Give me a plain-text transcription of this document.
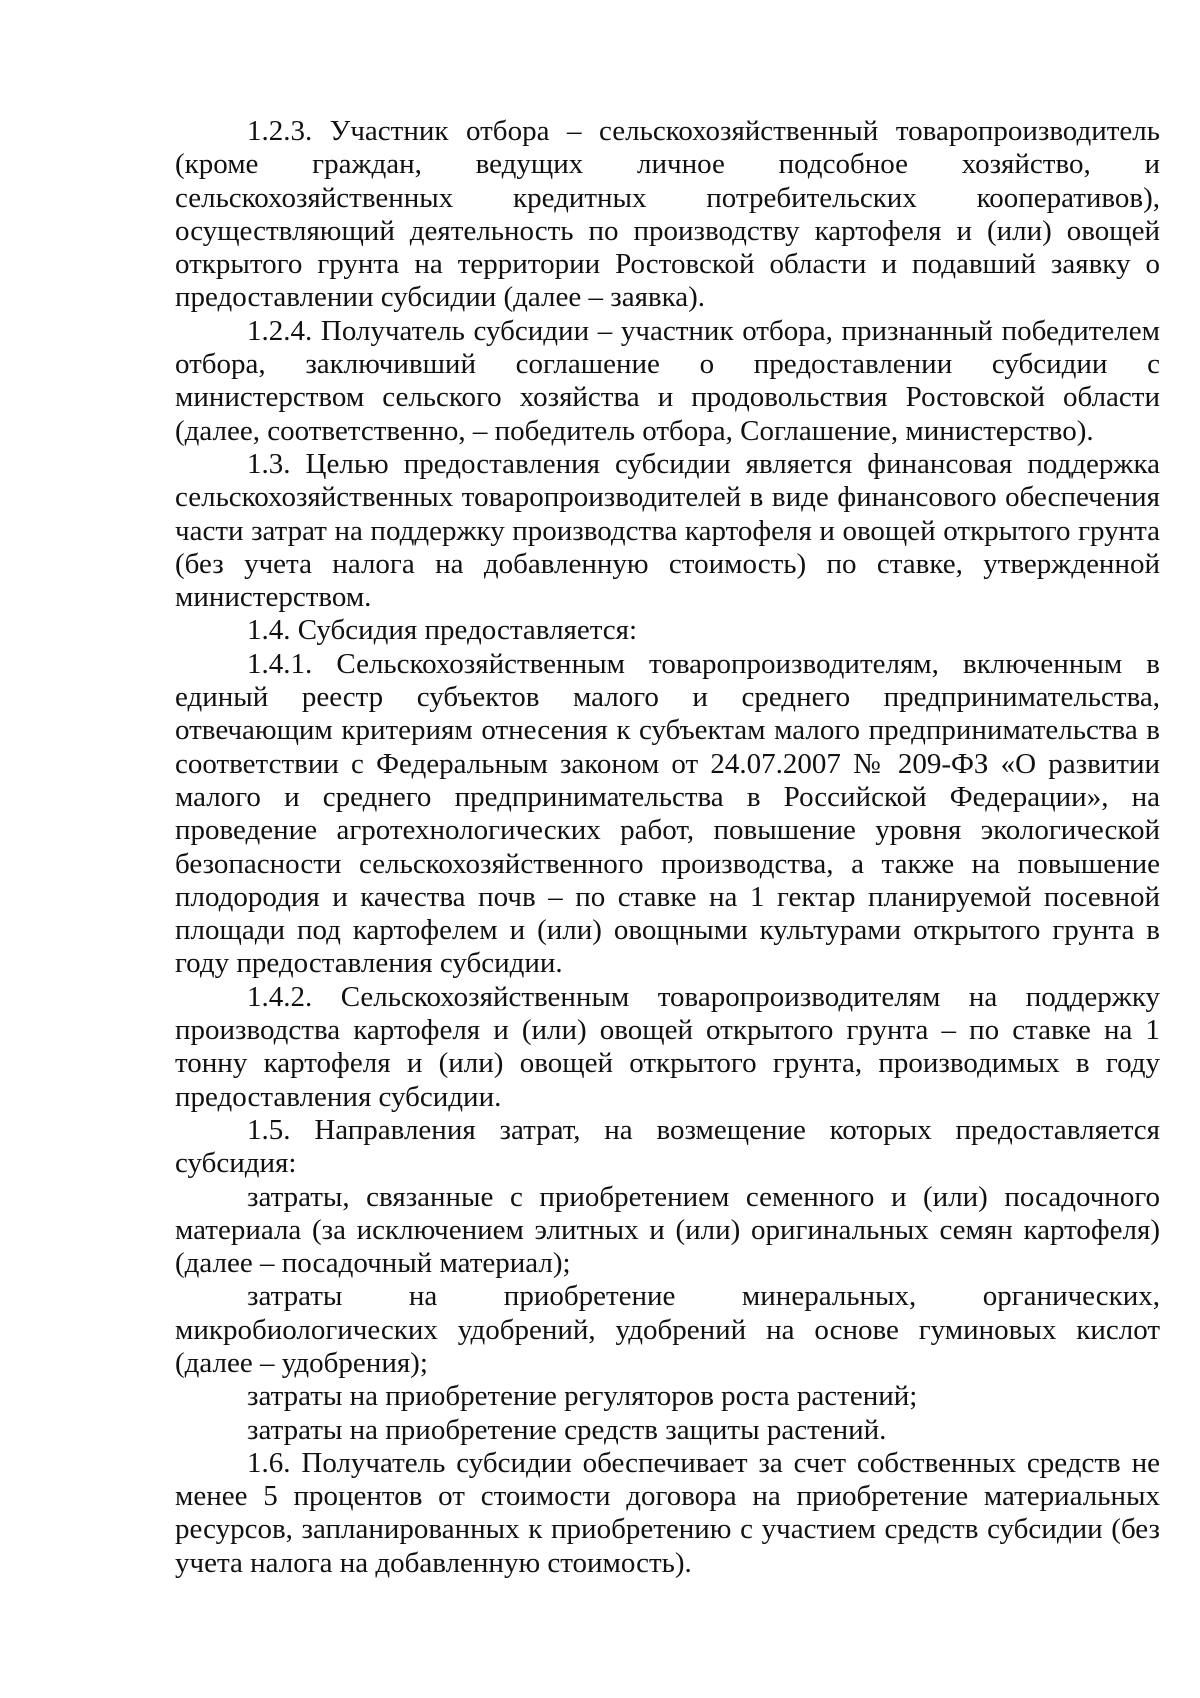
1.2.3. Участник отбора – сельскохозяйственный товаропроизводитель (кроме граждан, ведущих личное подсобное хозяйство, и сельскохозяйственных кредитных потребительских кооперативов), осуществляющий деятельность по производству картофеля и (или) овощей открытого грунта на территории Ростовской области и подавший заявку о предоставлении субсидии (далее – заявка).

1.2.4. Получатель субсидии – участник отбора, признанный победителем отбора, заключивший соглашение о предоставлении субсидии с министерством сельского хозяйства и продовольствия Ростовской области (далее, соответственно, – победитель отбора, Соглашение, министерство).

1.3. Целью предоставления субсидии является финансовая поддержка сельскохозяйственных товаропроизводителей в виде финансового обеспечения части затрат на поддержку производства картофеля и овощей открытого грунта (без учета налога на добавленную стоимость) по ставке, утвержденной министерством.

1.4. Субсидия предоставляется:

1.4.1. Сельскохозяйственным товаропроизводителям, включенным в единый реестр субъектов малого и среднего предпринимательства, отвечающим критериям отнесения к субъектам малого предпринимательства в соответствии с Федеральным законом от 24.07.2007 № 209-ФЗ «О развитии малого и среднего предпринимательства в Российской Федерации», на проведение агротехнологических работ, повышение уровня экологической безопасности сельскохозяйственного производства, а также на повышение плодородия и качества почв – по ставке на 1 гектар планируемой посевной площади под картофелем и (или) овощными культурами открытого грунта в году предоставления субсидии.

1.4.2. Сельскохозяйственным товаропроизводителям на поддержку производства картофеля и (или) овощей открытого грунта – по ставке на 1 тонну картофеля и (или) овощей открытого грунта, производимых в году предоставления субсидии.

1.5. Направления затрат, на возмещение которых предоставляется субсидия:

затраты, связанные с приобретением семенного и (или) посадочного материала (за исключением элитных и (или) оригинальных семян картофеля) (далее – посадочный материал);

затраты на приобретение минеральных, органических, микробиологических удобрений, удобрений на основе гуминовых кислот (далее – удобрения);

затраты на приобретение регуляторов роста растений;

затраты на приобретение средств защиты растений.

1.6. Получатель субсидии обеспечивает за счет собственных средств не менее 5 процентов от стоимости договора на приобретение материальных ресурсов, запланированных к приобретению с участием средств субсидии (без учета налога на добавленную стоимость).
